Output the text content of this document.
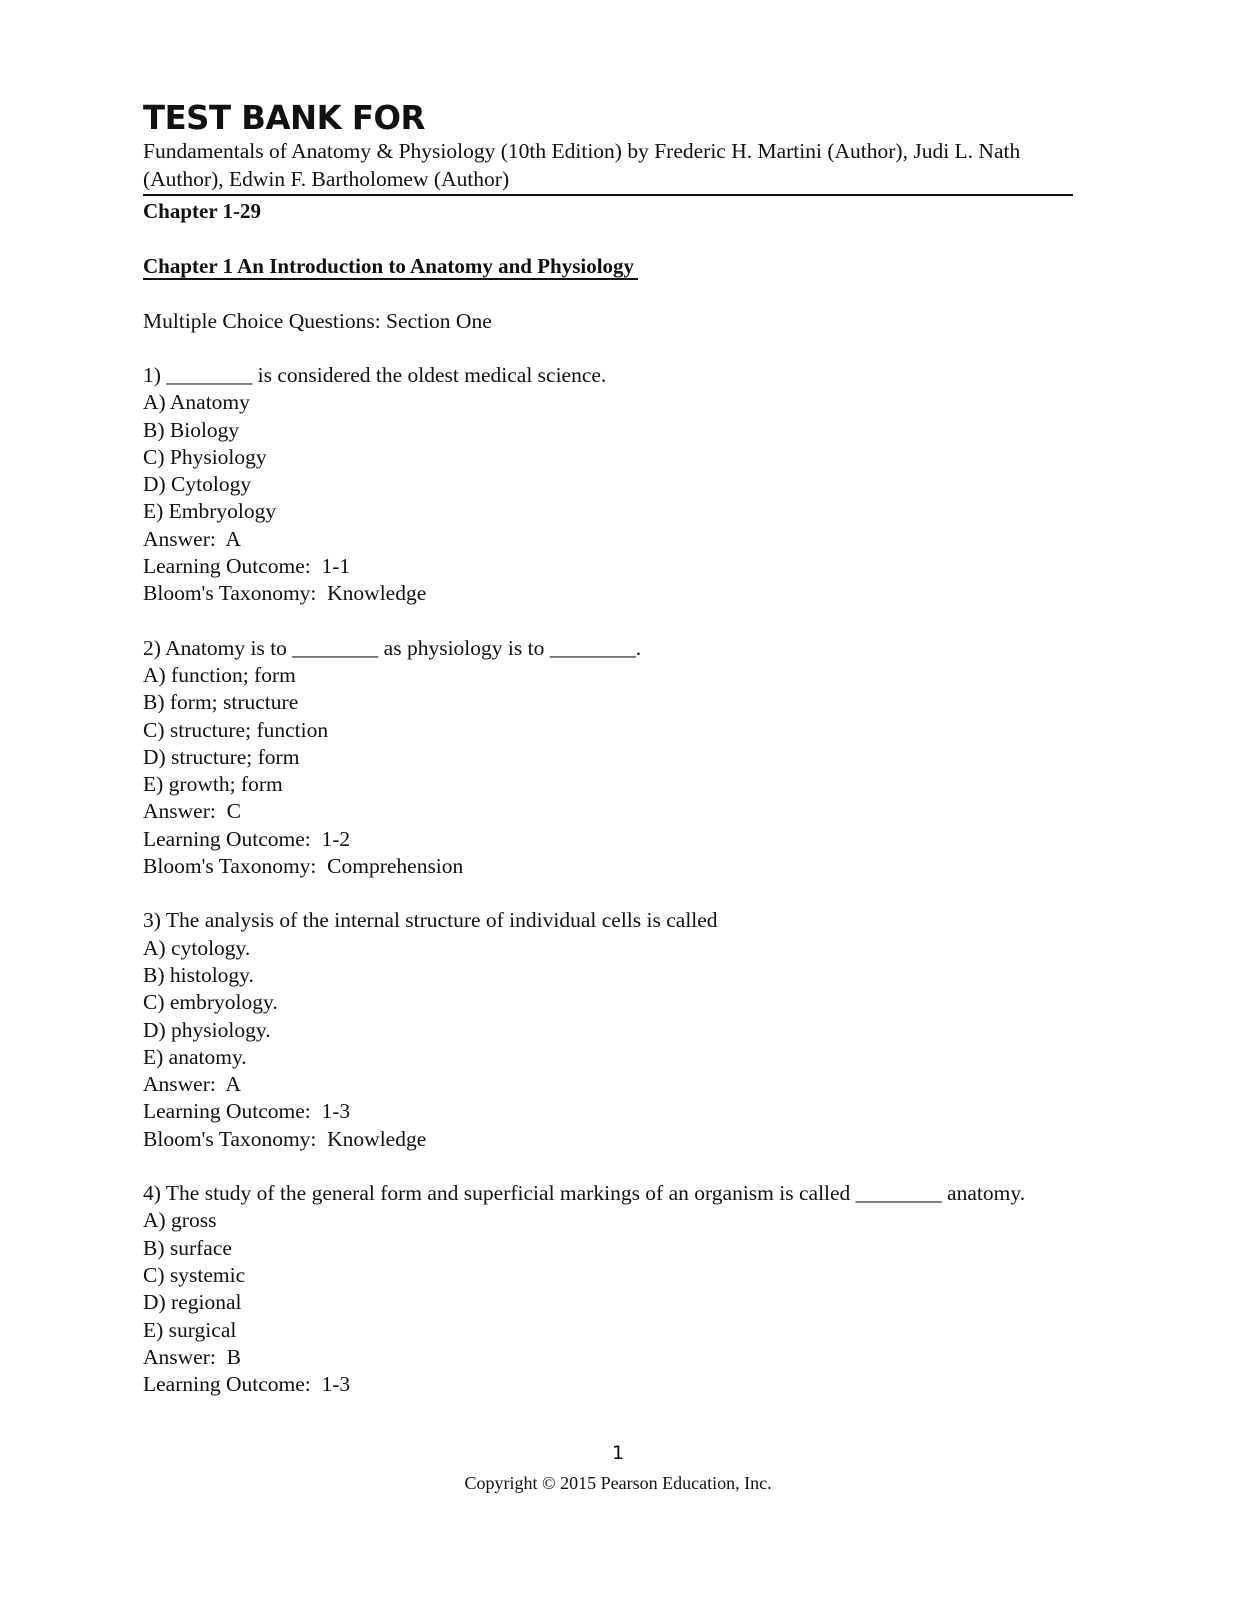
TEST BANK FOR
Fundamentals of Anatomy & Physiology (10th Edition) by Frederic H. Martini (Author), Judi L. Nath (Author), Edwin F. Bartholomew (Author)
Chapter 1-29
Chapter 1 An Introduction to Anatomy and Physiology
Multiple Choice Questions: Section One
1) ________ is considered the oldest medical science.
A) Anatomy
B) Biology
C) Physiology
D) Cytology
E) Embryology
Answer:  A
Learning Outcome:  1-1
Bloom's Taxonomy:  Knowledge
2) Anatomy is to ________ as physiology is to ________.
A) function; form
B) form; structure
C) structure; function
D) structure; form
E) growth; form
Answer:  C
Learning Outcome:  1-2
Bloom's Taxonomy:  Comprehension
3) The analysis of the internal structure of individual cells is called
A) cytology.
B) histology.
C) embryology.
D) physiology.
E) anatomy.
Answer:  A
Learning Outcome:  1-3
Bloom's Taxonomy:  Knowledge
4) The study of the general form and superficial markings of an organism is called ________ anatomy.
A) gross
B) surface
C) systemic
D) regional
E) surgical
Answer:  B
Learning Outcome:  1-3
1
Copyright © 2015 Pearson Education, Inc.
